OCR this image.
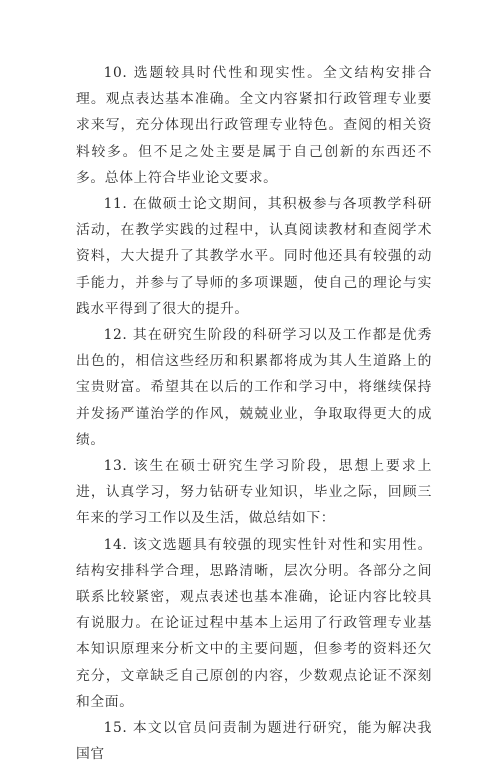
10. 选题较具时代性和现实性。全文结构安排合理。观点表达基本准确。全文内容紧扣行政管理专业要求来写，充分体现出行政管理专业特色。查阅的相关资料较多。但不足之处主要是属于自己创新的东西还不多。总体上符合毕业论文要求。

11. 在做硕士论文期间，其积极参与各项教学科研活动，在教学实践的过程中，认真阅读教材和查阅学术资料，大大提升了其教学水平。同时他还具有较强的动手能力，并参与了导师的多项课题，使自己的理论与实践水平得到了很大的提升。

12. 其在研究生阶段的科研学习以及工作都是优秀出色的，相信这些经历和积累都将成为其人生道路上的宝贵财富。希望其在以后的工作和学习中，将继续保持并发扬严谨治学的作风，兢兢业业，争取取得更大的成绩。

13. 该生在硕士研究生学习阶段，思想上要求上进，认真学习，努力钻研专业知识，毕业之际，回顾三年来的学习工作以及生活，做总结如下：

14. 该文选题具有较强的现实性针对性和实用性。结构安排科学合理，思路清晰，层次分明。各部分之间联系比较紧密，观点表述也基本准确，论证内容比较具有说服力。在论证过程中基本上运用了行政管理专业基本知识原理来分析文中的主要问题，但参考的资料还欠充分，文章缺乏自己原创的内容，少数观点论证不深刻和全面。

15. 本文以官员问责制为题进行研究，能为解决我国官
